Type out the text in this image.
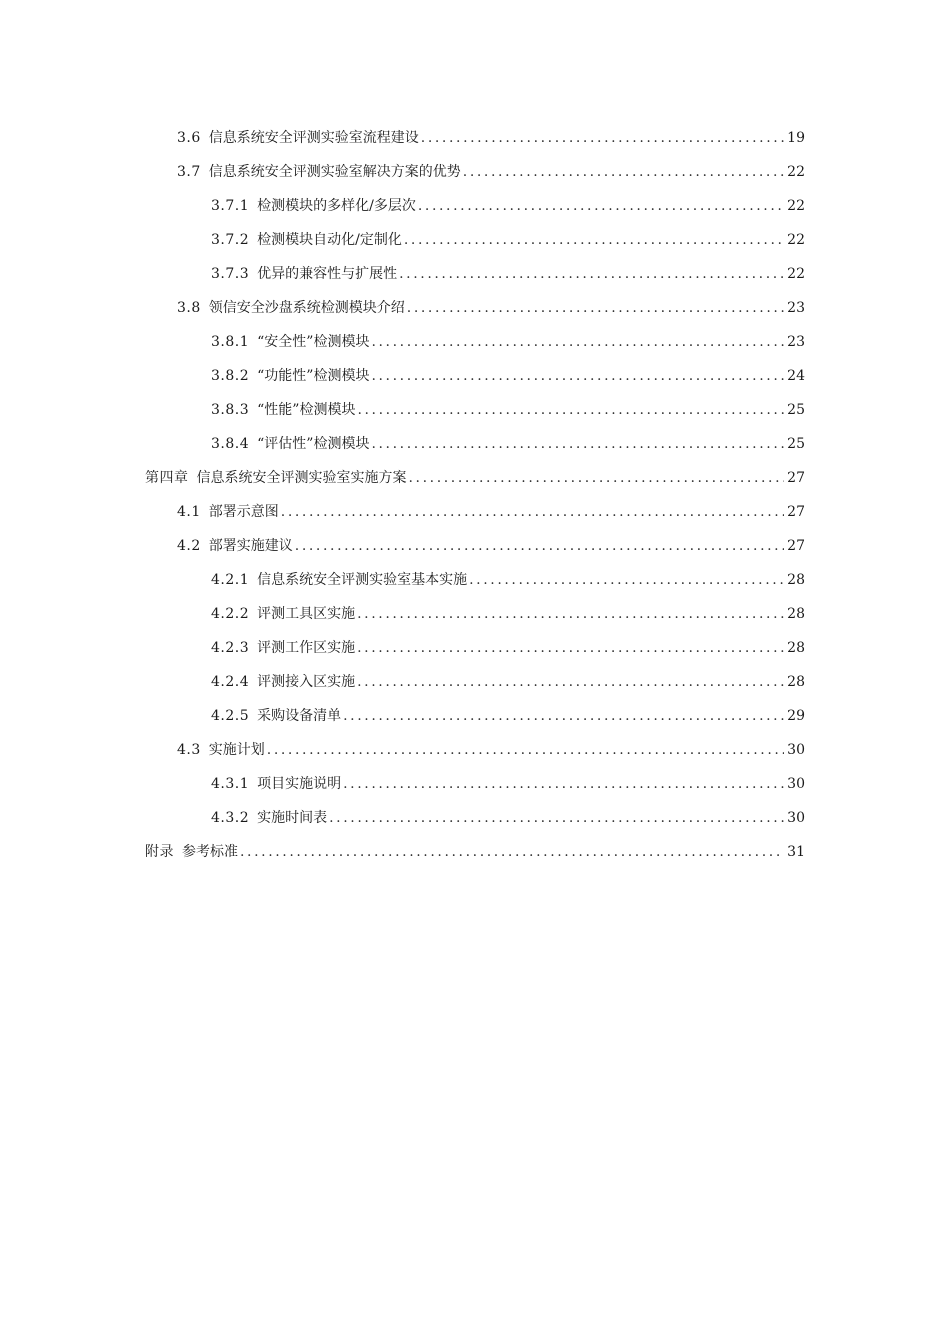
3.6 信息系统安全评测实验室流程建设 .....	19
3.7 信息系统安全评测实验室解决方案的优势 .....	22
3.7.1 检测模块的多样化/多层次 .....	22
3.7.2 检测模块自动化/定制化 .....	22
3.7.3 优异的兼容性与扩展性 .....	22
3.8 领信安全沙盘系统检测模块介绍 .....	23
3.8.1 “安全性”检测模块 .....	23
3.8.2 “功能性”检测模块 .....	24
3.8.3 “性能”检测模块 .....	25
3.8.4 “评估性”检测模块 .....	25
第四章 信息系统安全评测实验室实施方案 .....	27
4.1 部署示意图 .....	27
4.2 部署实施建议 .....	27
4.2.1 信息系统安全评测实验室基本实施 .....	28
4.2.2 评测工具区实施 .....	28
4.2.3 评测工作区实施 .....	28
4.2.4 评测接入区实施 .....	28
4.2.5 采购设备清单 .....	29
4.3 实施计划 .....	30
4.3.1 项目实施说明 .....	30
4.3.2 实施时间表 .....	30
附录 参考标准 .....	31
